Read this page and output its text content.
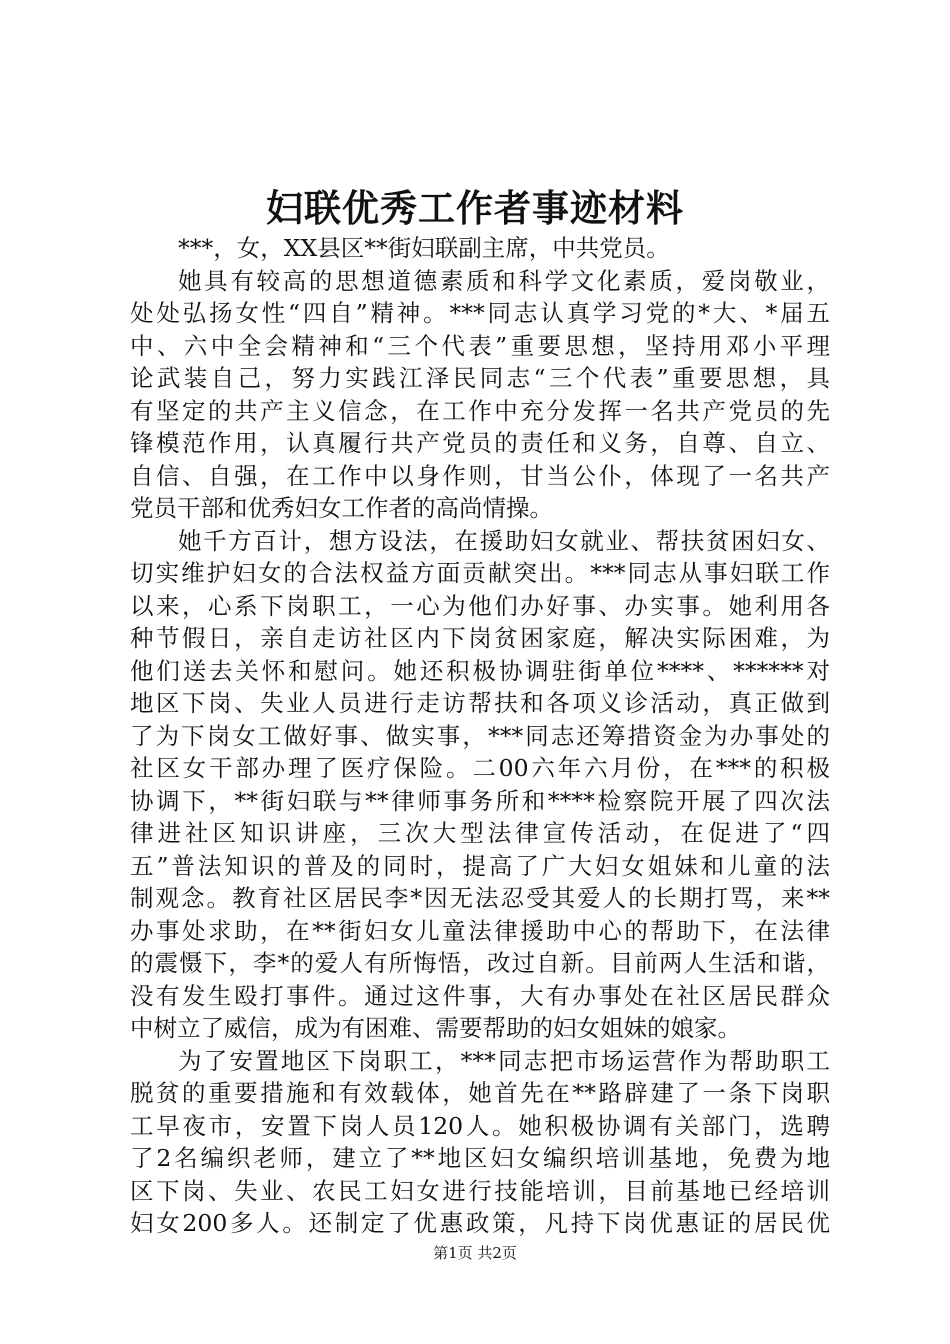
妇联优秀工作者事迹材料
***，女，XX县区**街妇联副主席，中共党员。
她具有较高的思想道德素质和科学文化素质，爱岗敬业，
处处弘扬女性“四自”精神。***同志认真学习党的*大、*届五
中、六中全会精神和“三个代表”重要思想，坚持用邓小平理
论武装自己，努力实践江泽民同志“三个代表”重要思想，具
有坚定的共产主义信念，在工作中充分发挥一名共产党员的先
锋模范作用，认真履行共产党员的责任和义务，自尊、自立、
自信、自强，在工作中以身作则，甘当公仆，体现了一名共产
党员干部和优秀妇女工作者的高尚情操。
她千方百计，想方设法，在援助妇女就业、帮扶贫困妇女、
切实维护妇女的合法权益方面贡献突出。***同志从事妇联工作
以来，心系下岗职工，一心为他们办好事、办实事。她利用各
种节假日，亲自走访社区内下岗贫困家庭，解决实际困难，为
他们送去关怀和慰问。她还积极协调驻街单位****、******对
地区下岗、失业人员进行走访帮扶和各项义诊活动，真正做到
了为下岗女工做好事、做实事，***同志还筹措资金为办事处的
社区女干部办理了医疗保险。二00六年六月份，在***的积极
协调下，**街妇联与**律师事务所和****检察院开展了四次法
律进社区知识讲座，三次大型法律宣传活动，在促进了“四
五”普法知识的普及的同时，提高了广大妇女姐妹和儿童的法
制观念。教育社区居民李*因无法忍受其爱人的长期打骂，来**
办事处求助，在**街妇女儿童法律援助中心的帮助下，在法律
的震慑下，李*的爱人有所悔悟，改过自新。目前两人生活和谐，
没有发生殴打事件。通过这件事，大有办事处在社区居民群众
中树立了威信，成为有困难、需要帮助的妇女姐妹的娘家。
为了安置地区下岗职工，***同志把市场运营作为帮助职工
脱贫的重要措施和有效载体，她首先在**路辟建了一条下岗职
工早夜市，安置下岗人员120人。她积极协调有关部门，选聘
了2名编织老师，建立了**地区妇女编织培训基地，免费为地
区下岗、失业、农民工妇女进行技能培训，目前基地已经培训
妇女200多人。还制定了优惠政策，凡持下岗优惠证的居民优
第1页 共2页
